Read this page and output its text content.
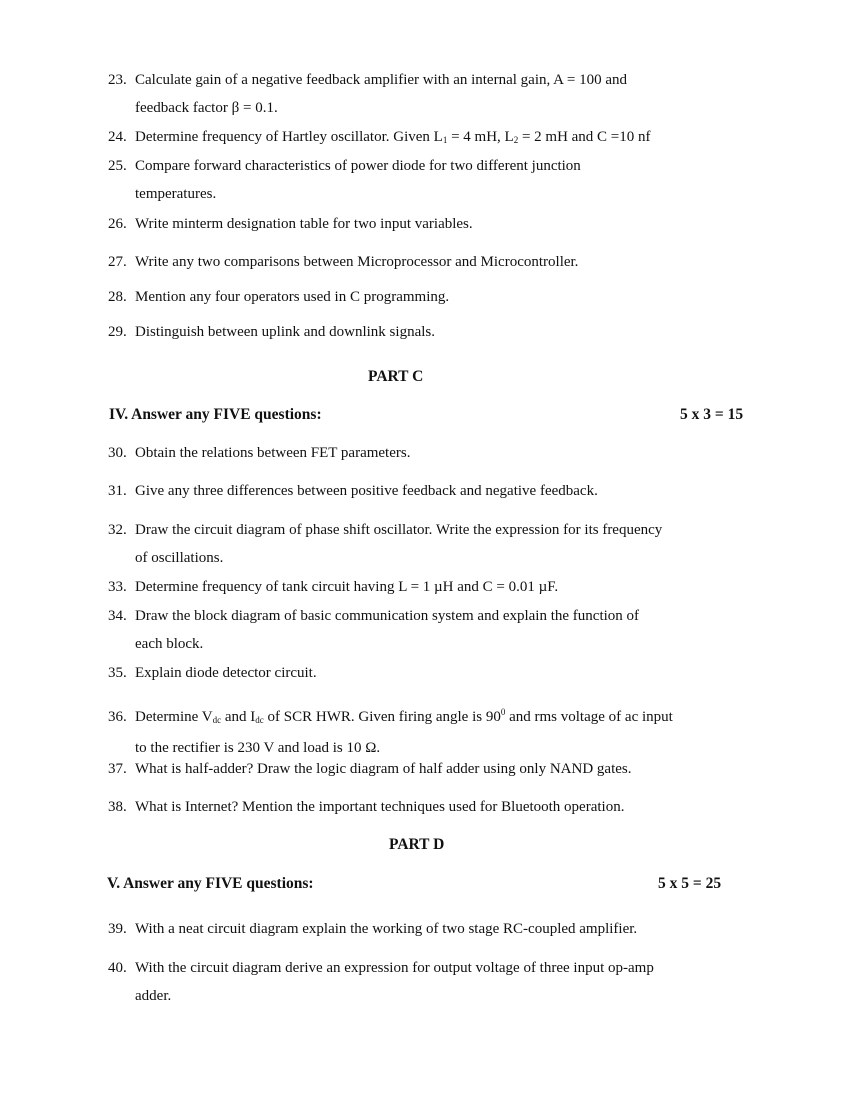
23. Calculate gain of a negative feedback amplifier with an internal gain, A = 100 and
feedback factor β = 0.1.
24. Determine frequency of Hartley oscillator. Given $L_1 = 4$ mH, $L_2 = 2$ mH and C =10 nf
25. Compare forward characteristics of power diode for two different junction
temperatures.
26. Write minterm designation table for two input variables.
27. Write any two comparisons between Microprocessor and Microcontroller.
28. Mention any four operators used in C programming.
29. Distinguish between uplink and downlink signals.
PART C
IV. Answer any FIVE questions:	5 x 3 = 15
30. Obtain the relations between FET parameters.
31. Give any three differences between positive feedback and negative feedback.
32. Draw the circuit diagram of phase shift oscillator. Write the expression for its frequency
of oscillations.
33. Determine frequency of tank circuit having L = 1 µH and C = 0.01 µF.
34. Draw the block diagram of basic communication system and explain the function of
each block.
35. Explain diode detector circuit.
36. Determine $V_{dc}$ and $I_{dc}$ of SCR HWR. Given firing angle is $90^0$ and rms voltage of ac input
to the rectifier is 230 V and load is 10 Ω.
37. What is half-adder? Draw the logic diagram of half adder using only NAND gates.
38. What is Internet? Mention the important techniques used for Bluetooth operation.
PART D
V. Answer any FIVE questions:	5 x 5 = 25
39. With a neat circuit diagram explain the working of two stage RC-coupled amplifier.
40. With the circuit diagram derive an expression for output voltage of three input op-amp
adder.
